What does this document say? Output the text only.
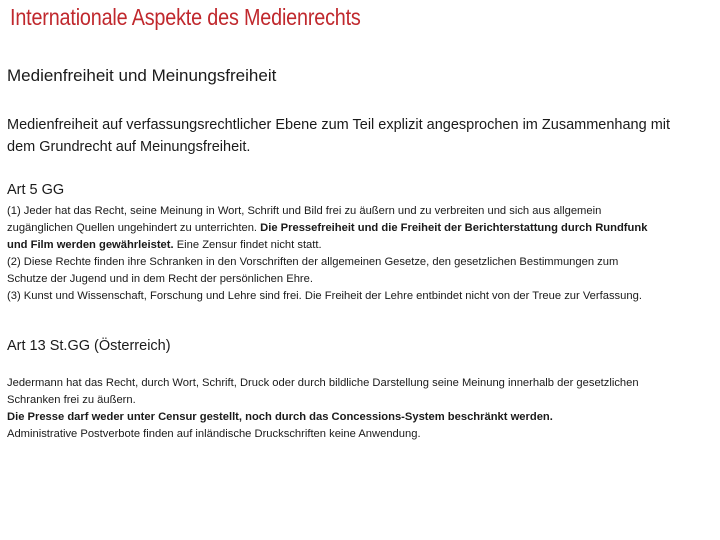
Internationale Aspekte des Medienrechts
Medienfreiheit und Meinungsfreiheit
Medienfreiheit auf verfassungsrechtlicher Ebene zum Teil explizit angesprochen im Zusammenhang mit dem Grundrecht auf Meinungsfreiheit.
Art 5 GG

(1) Jeder hat das Recht, seine Meinung in Wort, Schrift und Bild frei zu äußern und zu verbreiten und sich aus allgemein zugänglichen Quellen ungehindert zu unterrichten. Die Pressefreiheit und die Freiheit der Berichterstattung durch Rundfunk und Film werden gewährleistet. Eine Zensur findet nicht statt.

(2) Diese Rechte finden ihre Schranken in den Vorschriften der allgemeinen Gesetze, den gesetzlichen Bestimmungen zum Schutze der Jugend und in dem Recht der persönlichen Ehre.

(3) Kunst und Wissenschaft, Forschung und Lehre sind frei. Die Freiheit der Lehre entbindet nicht von der Treue zur Verfassung.

Art 13 St.GG (Österreich)

Jedermann hat das Recht, durch Wort, Schrift, Druck oder durch bildliche Darstellung seine Meinung innerhalb der gesetzlichen Schranken frei zu äußern.

Die Presse darf weder unter Censur gestellt, noch durch das Concessions-System beschränkt werden.

Administrative Postverbote finden auf inländische Druckschriften keine Anwendung.
